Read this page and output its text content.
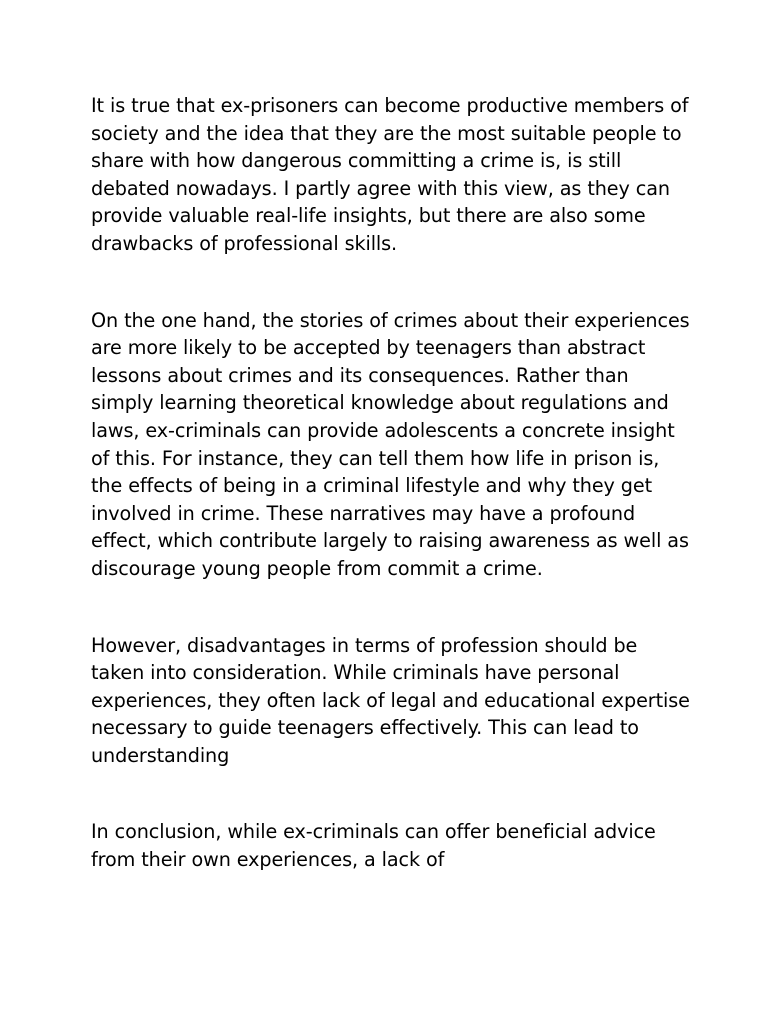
It is true that ex-prisoners can become productive members of society and the idea that they are the most suitable people to share with how dangerous committing a crime is, is still debated nowadays. I partly agree with this view, as they can provide valuable real-life insights, but there are also some drawbacks of professional skills.

On the one hand, the stories of crimes about their experiences are more likely to be accepted by teenagers than abstract lessons about crimes and its consequences. Rather than simply learning theoretical knowledge about regulations and laws, ex-criminals can provide adolescents a concrete insight of this. For instance, they can tell them how life in prison is, the effects of being in a criminal lifestyle and why they get involved in crime. These narratives may have a profound effect, which contribute largely to raising awareness as well as discourage young people from commit a crime.

However, disadvantages in terms of profession should be taken into consideration. While criminals have personal experiences, they often lack of legal and educational expertise necessary to guide teenagers effectively. This can lead to understanding

In conclusion, while ex-criminals can offer beneficial advice from their own experiences, a lack of
